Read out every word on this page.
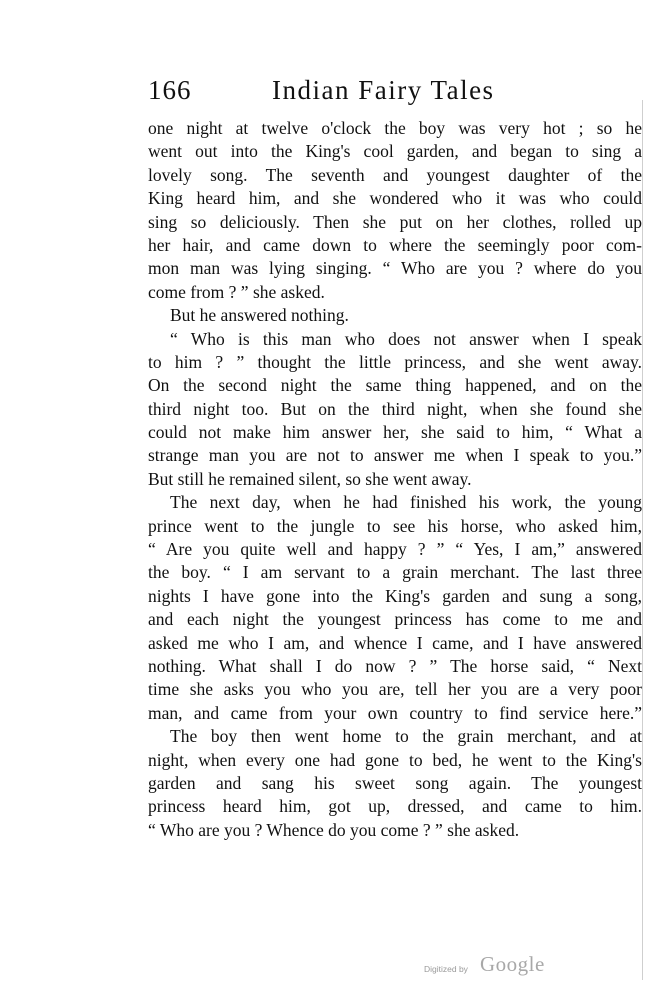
166	Indian Fairy Tales
one night at twelve o'clock the boy was very hot ; so he
went out into the King's cool garden, and began to sing a
lovely song. The seventh and youngest daughter of the
King heard him, and she wondered who it was who could
sing so deliciously. Then she put on her clothes, rolled up
her hair, and came down to where the seemingly poor com-
mon man was lying singing. “ Who are you ? where do you
come from ? ” she asked.
But he answered nothing.
“ Who is this man who does not answer when I speak
to him ? ” thought the little princess, and she went away.
On the second night the same thing happened, and on the
third night too. But on the third night, when she found she
could not make him answer her, she said to him, “ What a
strange man you are not to answer me when I speak to you.”
But still he remained silent, so she went away.
The next day, when he had finished his work, the young
prince went to the jungle to see his horse, who asked him,
“ Are you quite well and happy ? ” “ Yes, I am,” answered
the boy. “ I am servant to a grain merchant. The last three
nights I have gone into the King's garden and sung a song,
and each night the youngest princess has come to me and
asked me who I am, and whence I came, and I have answered
nothing. What shall I do now ? ” The horse said, “ Next
time she asks you who you are, tell her you are a very poor
man, and came from your own country to find service here.”
The boy then went home to the grain merchant, and at
night, when every one had gone to bed, he went to the King's
garden and sang his sweet song again. The youngest
princess heard him, got up, dressed, and came to him.
“ Who are you ? Whence do you come ? ” she asked.
Digitized by Google
